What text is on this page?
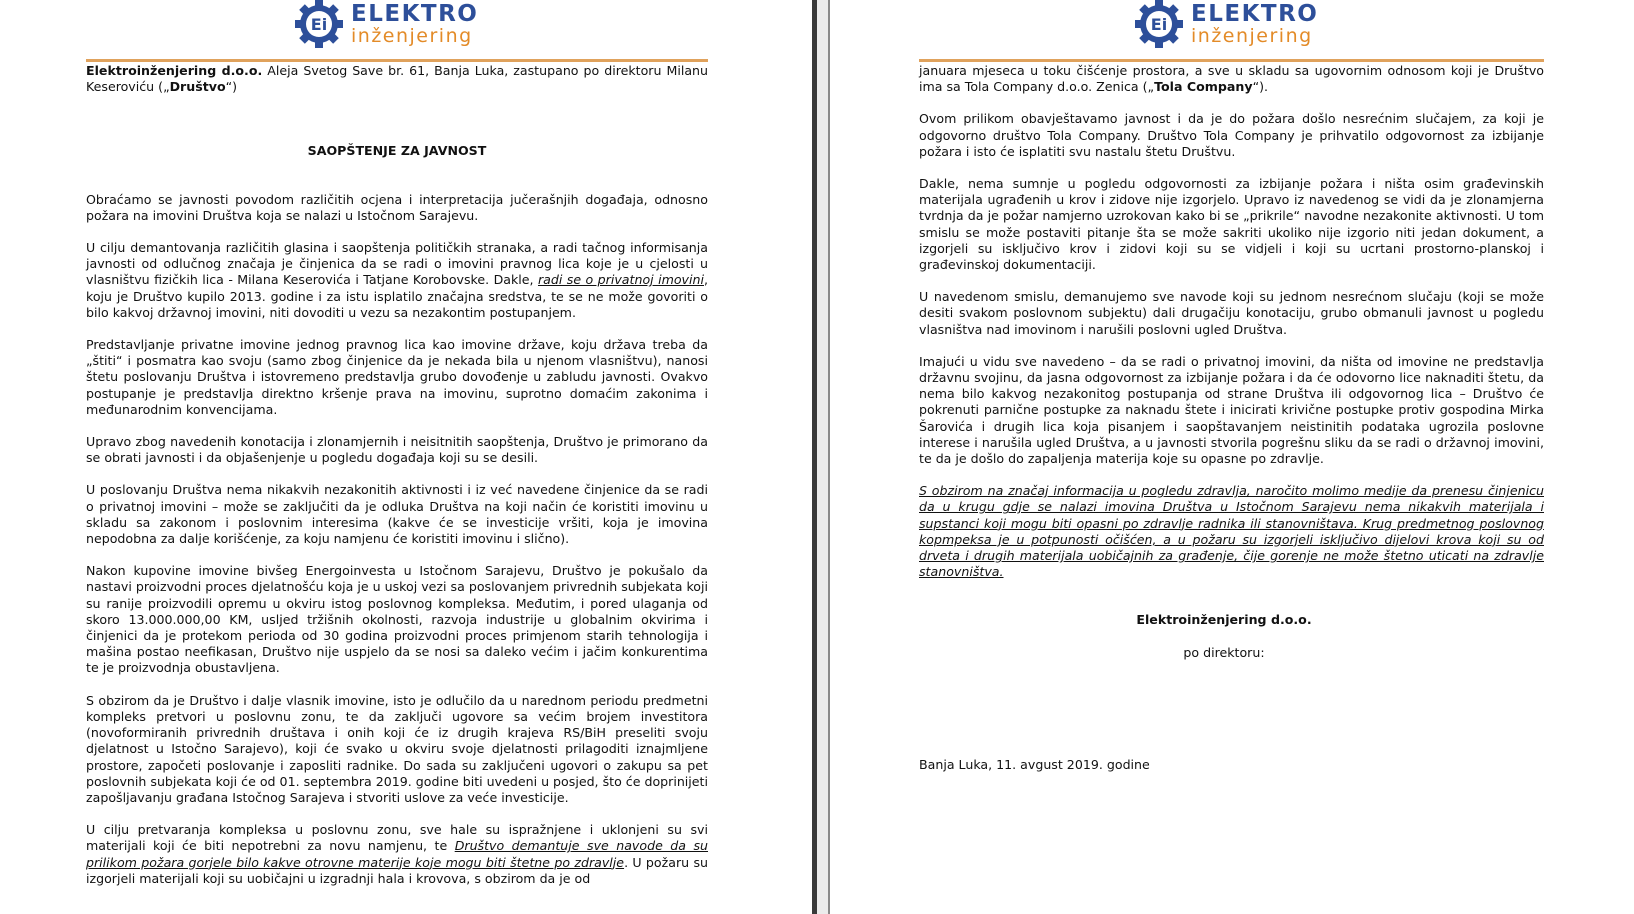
Ei ELEKTRO
inženjering

Elektroinženjering d.o.o. Aleja Svetog Save br. 61, Banja Luka, zastupano po direktoru Milanu Keseroviću („Društvo“)

SAOPŠTENJE ZA JAVNOST

Obraćamo se javnosti povodom različitih ocjena i interpretacija jučerašnjih događaja, odnosno požara na imovini Društva koja se nalazi u Istočnom Sarajevu.

U cilju demantovanja različitih glasina i saopštenja političkih stranaka, a radi tačnog informisanja javnosti od odlučnog značaja je činjenica da se radi o imovini pravnog lica koje je u cjelosti u vlasništvu fizičkih lica - Milana Keserovića i Tatjane Korobovske. Dakle, radi se o privatnoj imovini, koju je Društvo kupilo 2013. godine i za istu isplatilo značajna sredstva, te se ne može govoriti o bilo kakvoj državnoj imovini, niti dovoditi u vezu sa nezakontim postupanjem.

Predstavljanje privatne imovine jednog pravnog lica kao imovine države, koju država treba da „štiti“ i posmatra kao svoju (samo zbog činjenice da je nekada bila u njenom vlasništvu), nanosi štetu poslovanju Društva i istovremeno predstavlja grubo dovođenje u zabludu javnosti. Ovakvo postupanje je predstavlja direktno kršenje prava na imovinu, suprotno domaćim zakonima i međunarodnim konvencijama.

Upravo zbog navedenih konotacija i zlonamjernih i neisitnitih saopštenja, Društvo je primorano da se obrati javnosti i da objašenjenje u pogledu događaja koji su se desili.

U poslovanju Društva nema nikakvih nezakonitih aktivnosti i iz već navedene činjenice da se radi o privatnoj imovini – može se zaključiti da je odluka Društva na koji način će koristiti imovinu u skladu sa zakonom i poslovnim interesima (kakve će se investicije vršiti, koja je imovina nepodobna za dalje korišćenje, za koju namjenu će koristiti imovinu i slično).

Nakon kupovine imovine bivšeg Energoinvesta u Istočnom Sarajevu, Društvo je pokušalo da nastavi proizvodni proces djelatnošću koja je u uskoj vezi sa poslovanjem privrednih subjekata koji su ranije proizvodili opremu u okviru istog poslovnog kompleksa. Međutim, i pored ulaganja od skoro 13.000.000,00 KM, usljed tržišnih okolnosti, razvoja industrije u globalnim okvirima i činjenici da je protekom perioda od 30 godina proizvodni proces primjenom starih tehnologija i mašina postao neefikasan, Društvo nije uspjelo da se nosi sa daleko većim i jačim konkurentima te je proizvodnja obustavljena.

S obzirom da je Društvo i dalje vlasnik imovine, isto je odlučilo da u narednom periodu predmetni kompleks pretvori u poslovnu zonu, te da zaključi ugovore sa većim brojem investitora (novoformiranih privrednih društava i onih koji će iz drugih krajeva RS/BiH preseliti svoju djelatnost u Istočno Sarajevo), koji će svako u okviru svoje djelatnosti prilagoditi iznajmljene prostore, započeti poslovanje i zaposliti radnike. Do sada su zaključeni ugovori o zakupu sa pet poslovnih subjekata koji će od 01. septembra 2019. godine biti uvedeni u posjed, što će doprinijeti zapošljavanju građana Istočnog Sarajeva i stvoriti uslove za veće investicije.

U cilju pretvaranja kompleksa u poslovnu zonu, sve hale su ispražnjene i uklonjeni su svi materijali koji će biti nepotrebni za novu namjenu, te Društvo demantuje sve navode da su prilikom požara gorjele bilo kakve otrovne materije koje mogu biti štetne po zdravlje. U požaru su izgorjeli materijali koji su uobičajni u izgradnji hala i krovova, s obzirom da je od

Ei ELEKTRO
inženjering

januara mjeseca u toku čišćenje prostora, a sve u skladu sa ugovornim odnosom koji je Društvo ima sa Tola Company d.o.o. Zenica („Tola Company“).

Ovom prilikom obavještavamo javnost i da je do požara došlo nesrećnim slučajem, za koji je odgovorno društvo Tola Company. Društvo Tola Company je prihvatilo odgovornost za izbijanje požara i isto će isplatiti svu nastalu štetu Društvu.

Dakle, nema sumnje u pogledu odgovornosti za izbijanje požara i ništa osim građevinskih materijala ugrađenih u krov i zidove nije izgorjelo. Upravo iz navedenog se vidi da je zlonamjerna tvrdnja da je požar namjerno uzrokovan kako bi se „prikrile“ navodne nezakonite aktivnosti. U tom smislu se može postaviti pitanje šta se može sakriti ukoliko nije izgorio niti jedan dokument, a izgorjeli su isključivo krov i zidovi koji su se vidjeli i koji su ucrtani prostorno-planskoj i građevinskoj dokumentaciji.

U navedenom smislu, demanujemo sve navode koji su jednom nesrećnom slučaju (koji se može desiti svakom poslovnom subjektu) dali drugačiju konotaciju, grubo obmanuli javnost u pogledu vlasništva nad imovinom i narušili poslovni ugled Društva.

Imajući u vidu sve navedeno – da se radi o privatnoj imovini, da ništa od imovine ne predstavlja državnu svojinu, da jasna odgovornost za izbijanje požara i da će odovorno lice naknaditi štetu, da nema bilo kakvog nezakonitog postupanja od strane Društva ili odgovornog lica – Društvo će pokrenuti parnične postupke za naknadu štete i inicirati krivične postupke protiv gospodina Mirka Šarovića i drugih lica koja pisanjem i saopštavanjem neistinitih podataka ugrozila poslovne interese i narušila ugled Društva, a u javnosti stvorila pogrešnu sliku da se radi o državnoj imovini, te da je došlo do zapaljenja materija koje su opasne po zdravlje.

S obzirom na značaj informacija u pogledu zdravlja, naročito molimo medije da prenesu činjenicu da u krugu gdje se nalazi imovina Društva u Istočnom Sarajevu nema nikakvih materijala i supstanci koji mogu biti opasni po zdravlje radnika ili stanovništava. Krug predmetnog poslovnog kopmpeksa je u potpunosti očišćen, a u požaru su izgorjeli isključivo dijelovi krova koji su od drveta i drugih materijala uobičajnih za građenje, čije gorenje ne može štetno uticati na zdravlje stanovništva.

Elektroinženjering d.o.o.

po direktoru:

Banja Luka, 11. avgust 2019. godine
